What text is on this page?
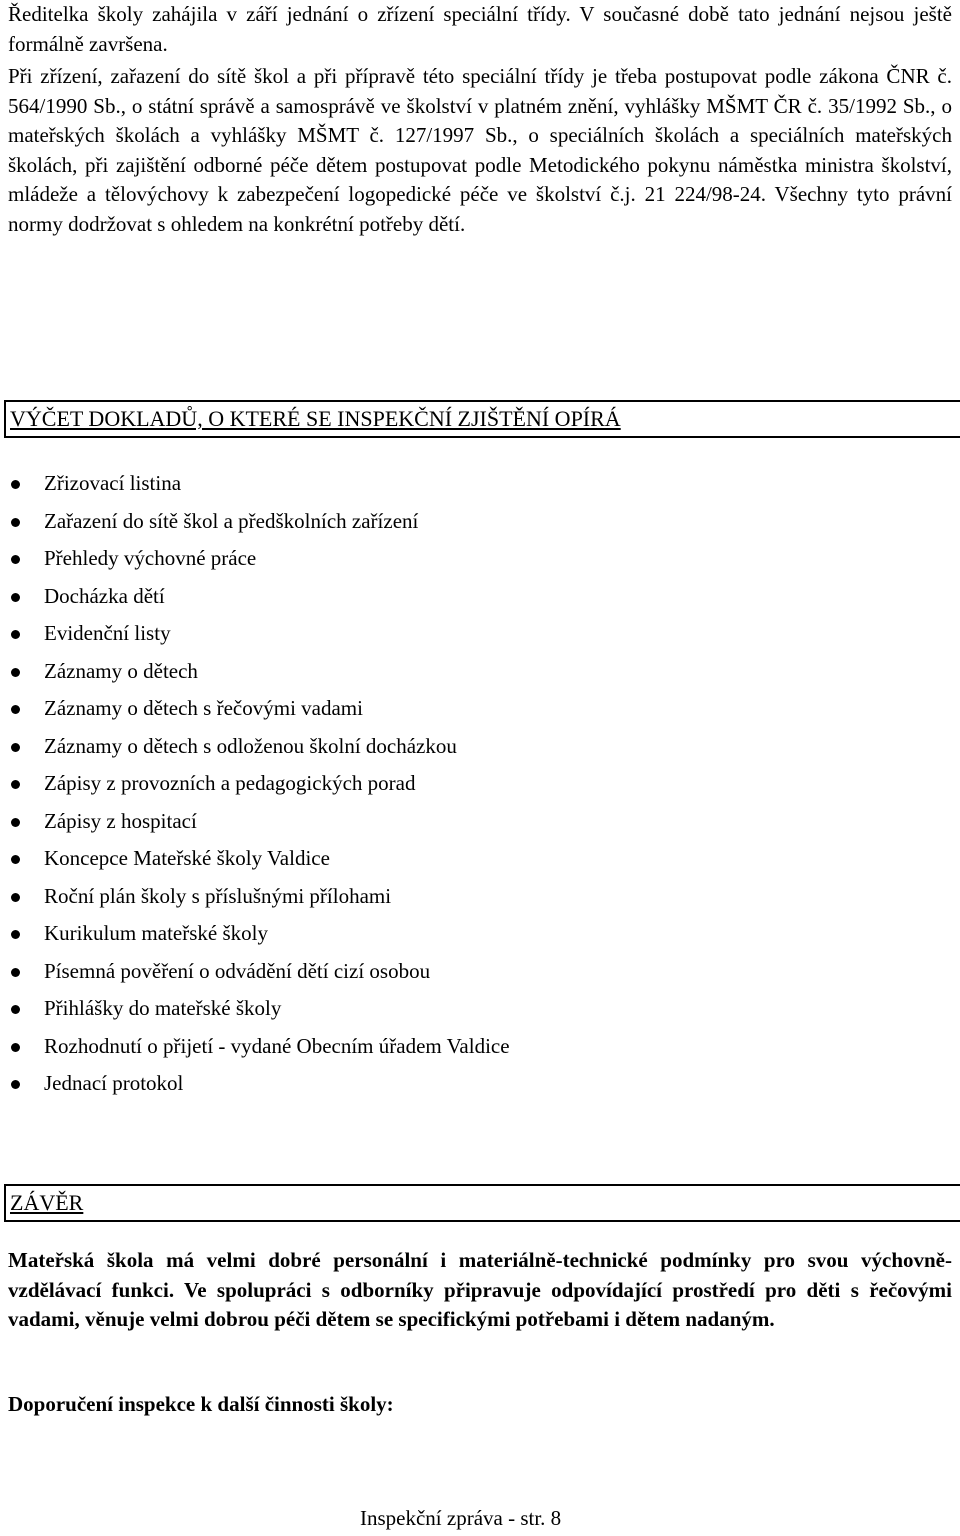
Ředitelka školy zahájila v září jednání o zřízení speciální třídy. V současné době tato jednání nejsou ještě formálně završena.

Při zřízení, zařazení do sítě škol a při přípravě této speciální třídy je třeba postupovat podle zákona ČNR č. 564/1990 Sb., o státní správě a samosprávě ve školství v platném znění, vyhlášky MŠMT ČR č. 35/1992 Sb., o mateřských školách a vyhlášky MŠMT č. 127/1997 Sb., o speciálních školách a speciálních mateřských školách, při zajištění odborné péče dětem postupovat podle Metodického pokynu náměstka ministra školství, mládeže a tělovýchovy k zabezpečení logopedické péče ve školství č.j. 21 224/98-24. Všechny tyto právní normy dodržovat s ohledem na konkrétní potřeby dětí.

VÝČET DOKLADŮ, O KTERÉ SE INSPEKČNÍ ZJIŠTĚNÍ OPÍRÁ
Zřizovací listina
Zařazení do sítě škol a předškolních zařízení
Přehledy výchovné práce
Docházka dětí
Evidenční listy
Záznamy o dětech
Záznamy o dětech s řečovými vadami
Záznamy o dětech s odloženou školní docházkou
Zápisy z provozních a pedagogických porad
Zápisy z hospitací
Koncepce Mateřské školy Valdice
Roční plán školy s příslušnými přílohami
Kurikulum mateřské školy
Písemná pověření o odvádění dětí cizí osobou
Přihlášky do mateřské školy
Rozhodnutí o přijetí - vydané Obecním úřadem Valdice
Jednací protokol
ZÁVĚR

Mateřská škola má velmi dobré personální i materiálně-technické podmínky pro svou výchovně-vzdělávací funkci. Ve spolupráci s odborníky připravuje odpovídající prostředí pro děti s řečovými vadami, věnuje velmi dobrou péči dětem se specifickými potřebami i dětem nadaným.

Doporučení inspekce k další činnosti školy:

Inspekční zpráva - str. 8
